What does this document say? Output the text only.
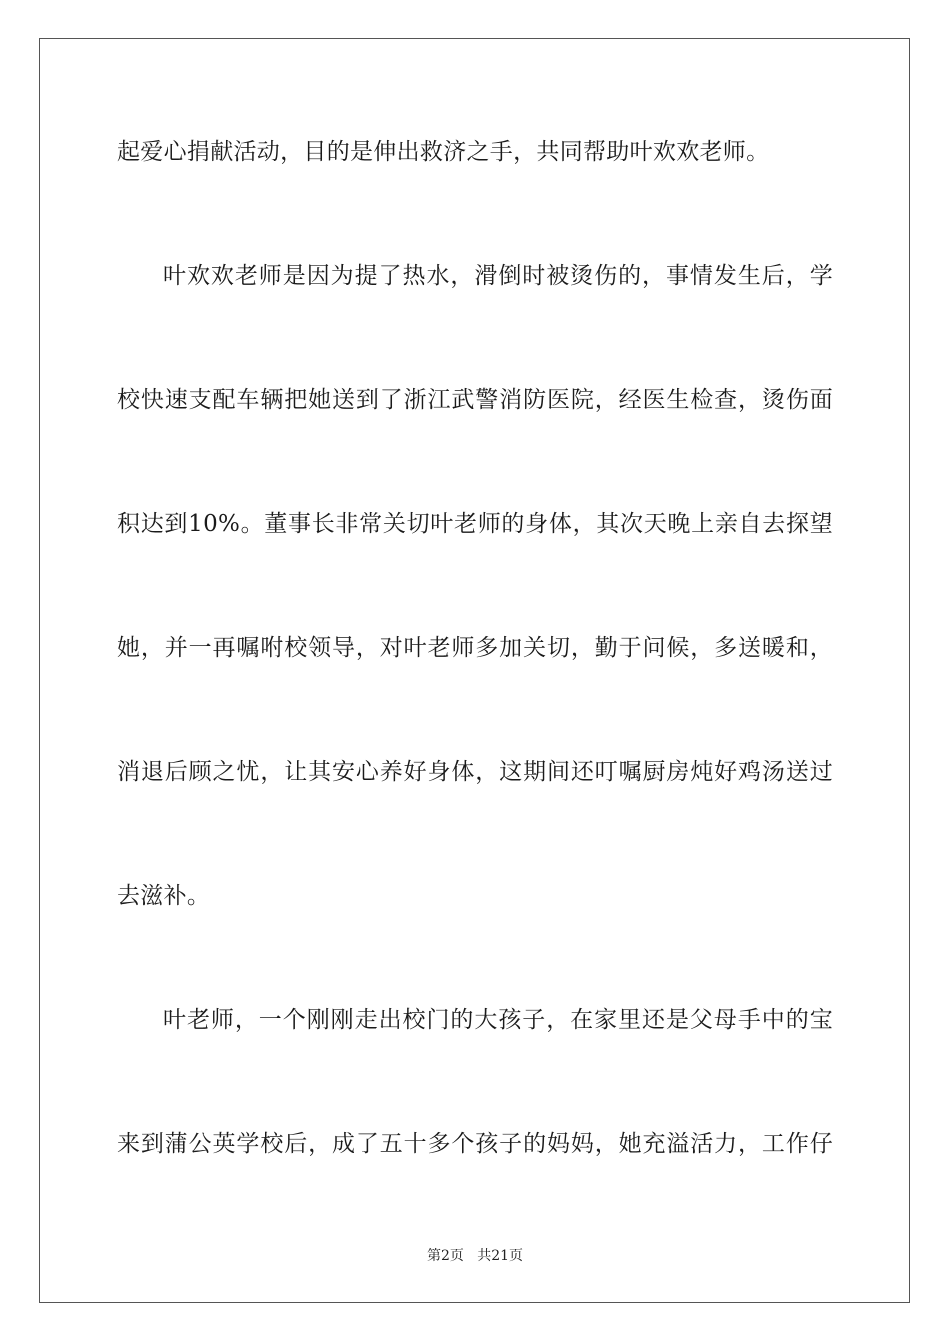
起爱心捐献活动，目的是伸出救济之手，共同帮助叶欢欢老师。
叶欢欢老师是因为提了热水，滑倒时被烫伤的，事情发生后，学
校快速支配车辆把她送到了浙江武警消防医院，经医生检查，烫伤面
积达到10%。董事长非常关切叶老师的身体，其次天晚上亲自去探望
她，并一再嘱咐校领导，对叶老师多加关切，勤于问候，多送暖和，
消退后顾之忧，让其安心养好身体，这期间还叮嘱厨房炖好鸡汤送过
去滋补。
叶老师，一个刚刚走出校门的大孩子，在家里还是父母手中的宝
来到蒲公英学校后，成了五十多个孩子的妈妈，她充溢活力，工作仔
第2页   共21页
